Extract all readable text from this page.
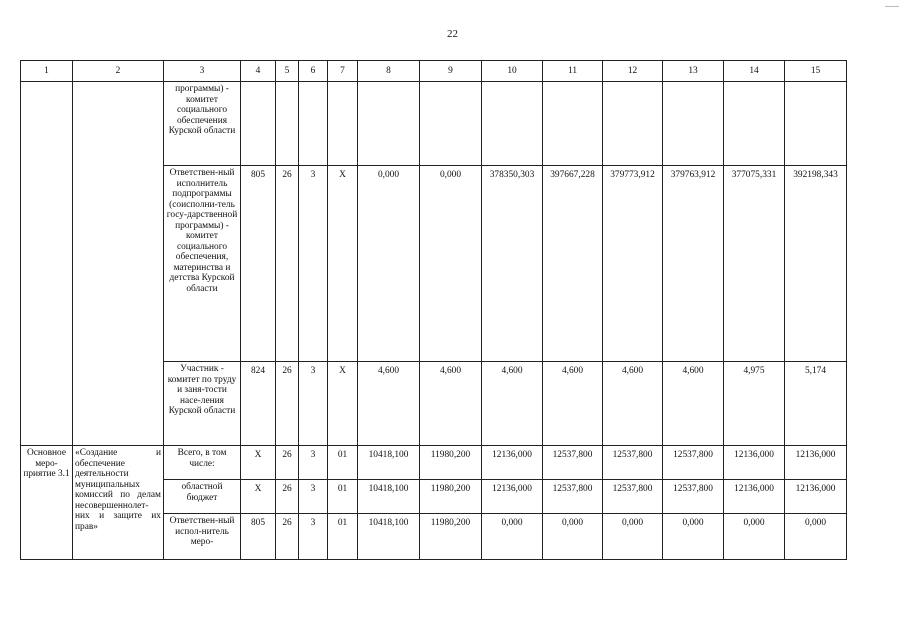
22
1	2	3	4	5	6	7	8	9	10	11	12	13	14	15
		программы) - комитет социального обеспечения Курской области												
		Ответствен-ный исполнитель подпрограммы (соисполни-тель госу-дарственной программы) - комитет социального обеспечения, материнства и детства Курской области	805	26	3	Х	0,000	0,000	378350,303	397667,228	379773,912	379763,912	377075,331	392198,343
		Участник - комитет по труду и заня-тости насе-ления Курской области	824	26	3	Х	4,600	4,600	4,600	4,600	4,600	4,600	4,975	5,174
Основное меро-приятие 3.1	«Создание и обеспечение деятельности муниципальных комиссий по делам несовершеннолет-них и защите их прав»	Всего, в том числе:	Х	26	3	01	10418,100	11980,200	12136,000	12537,800	12537,800	12537,800	12136,000	12136,000
		областной бюджет	Х	26	3	01	10418,100	11980,200	12136,000	12537,800	12537,800	12537,800	12136,000	12136,000
		Ответствен-ный испол-нитель меро-	805	26	3	01	10418,100	11980,200	0,000	0,000	0,000	0,000	0,000	0,000
